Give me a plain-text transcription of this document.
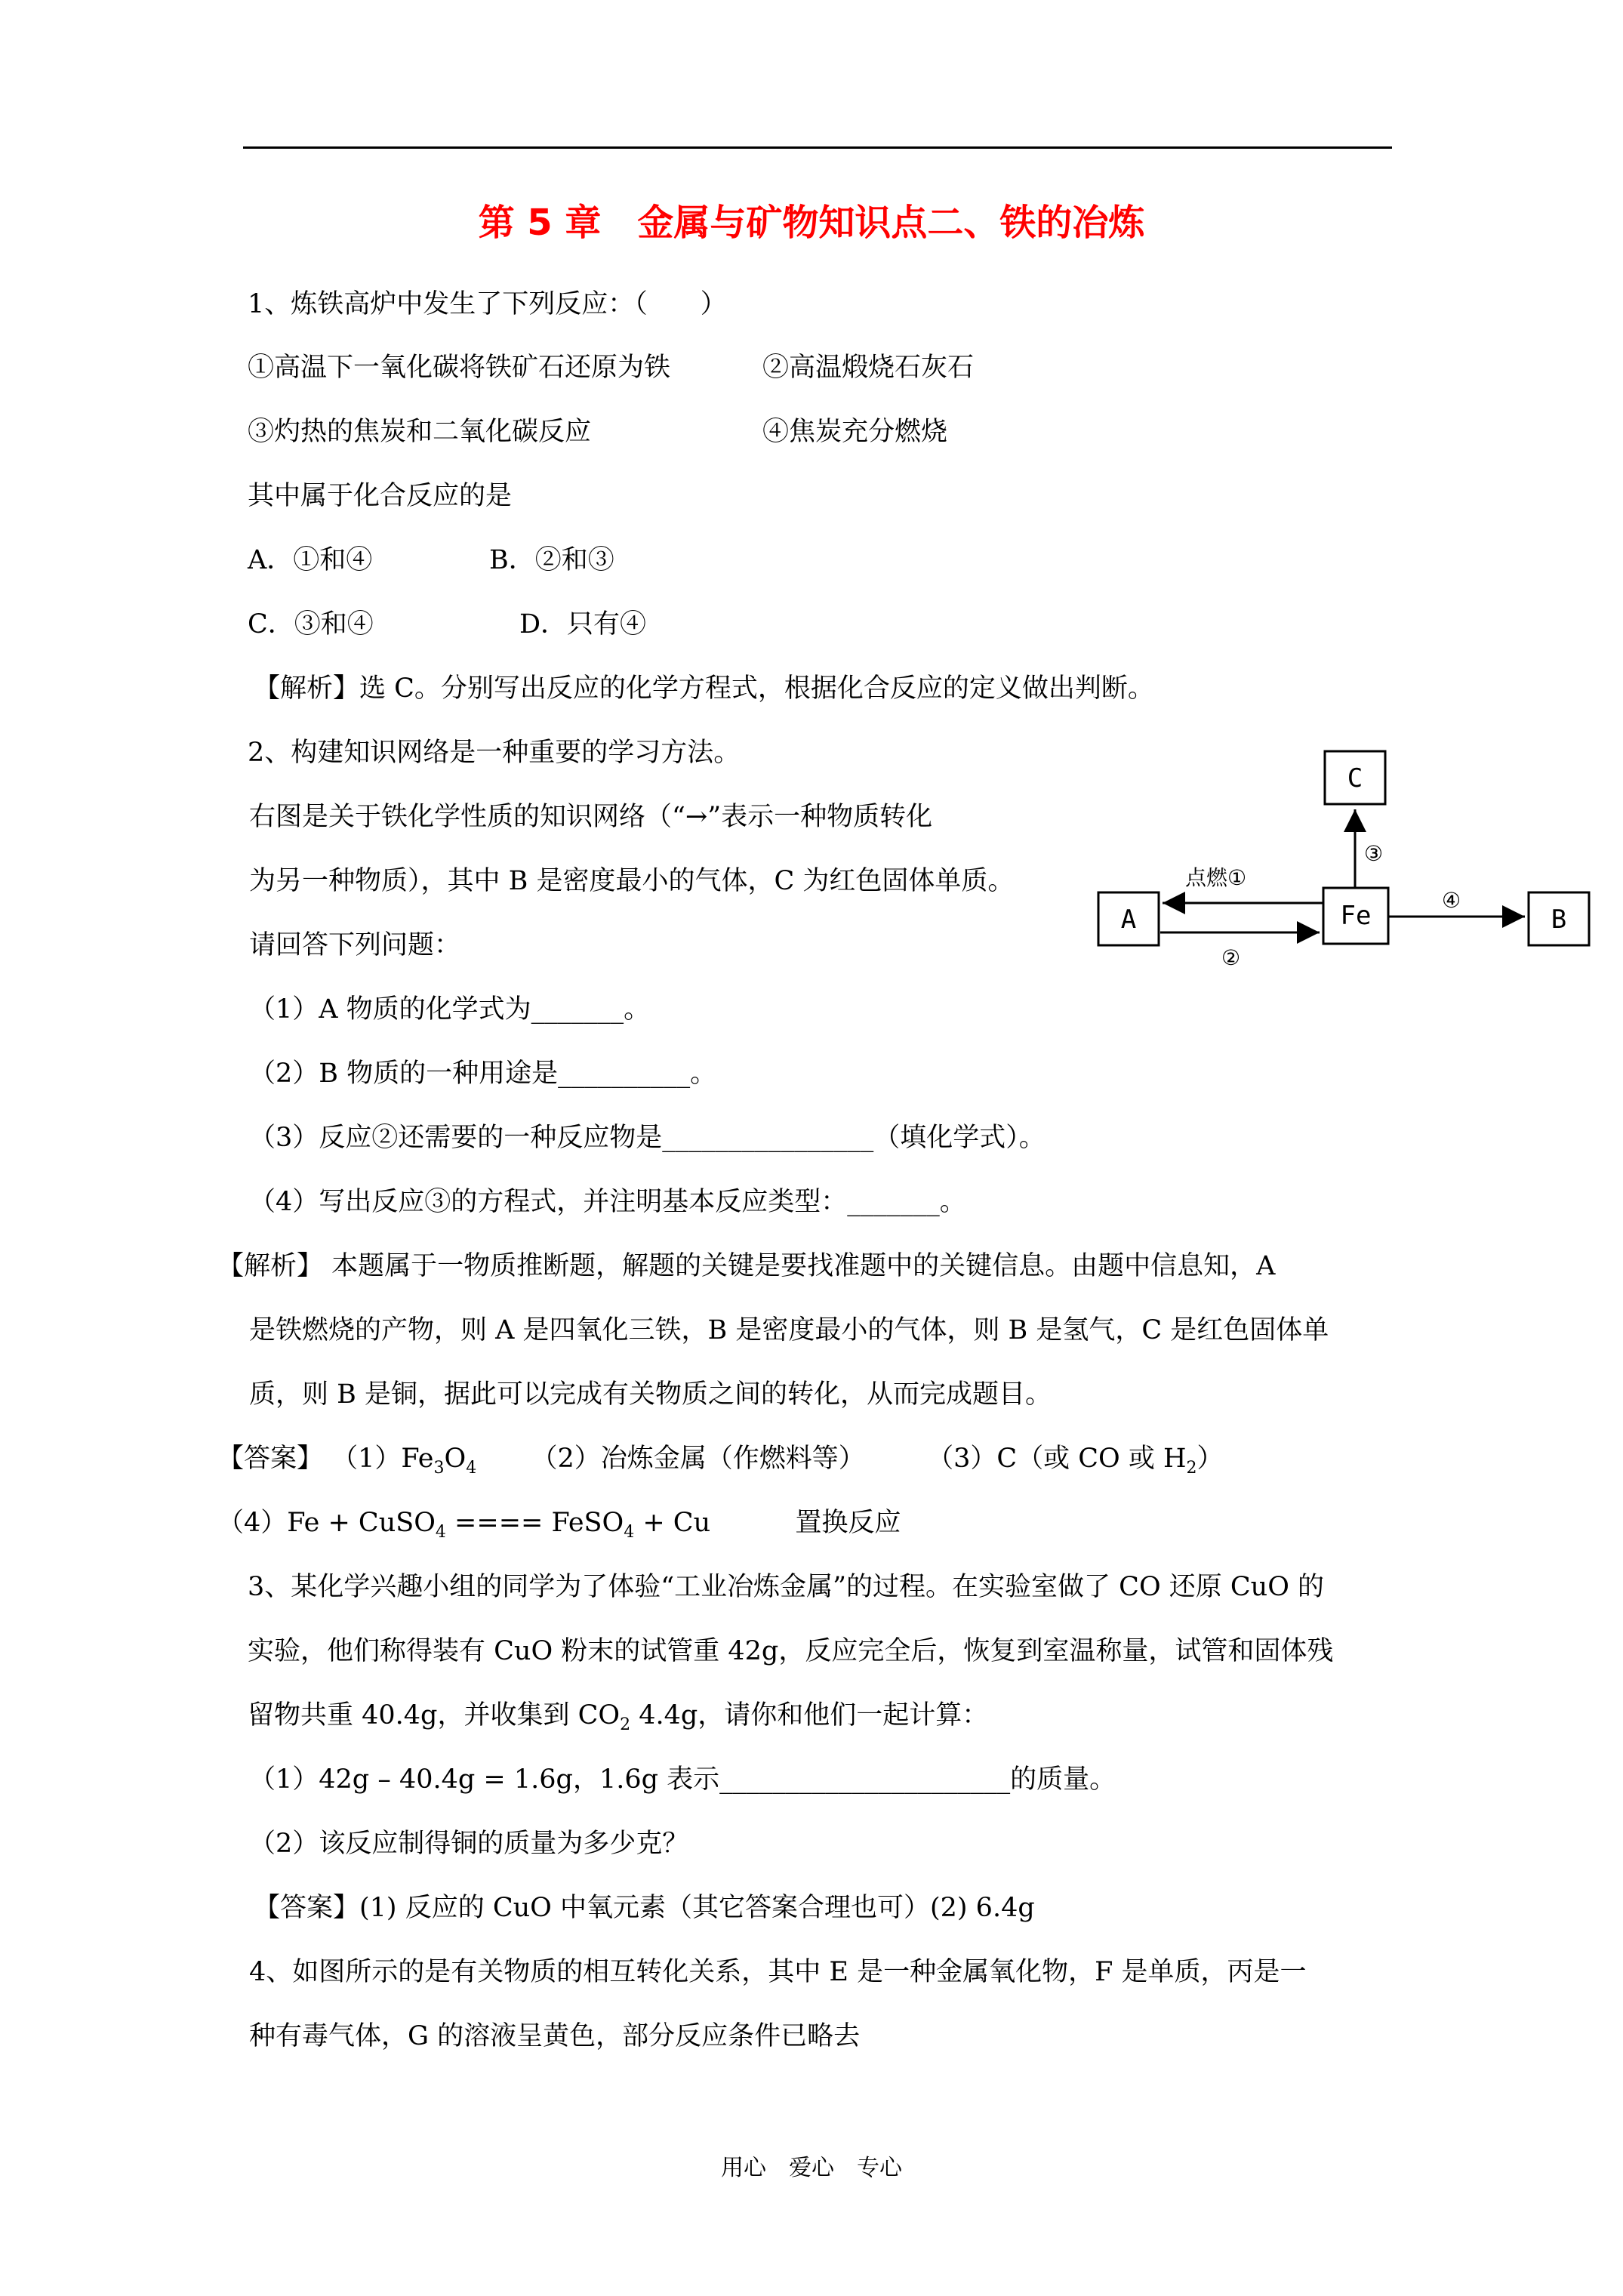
第 5 章　金属与矿物知识点二、铁的冶炼
1、炼铁高炉中发生了下列反应：（　　）
①高温下一氧化碳将铁矿石还原为铁	②高温煅烧石灰石
③灼热的焦炭和二氧化碳反应	④焦炭充分燃烧
其中属于化合反应的是
A．①和④	B．②和③
C．③和④	D．只有④
【解析】选 C。分别写出反应的化学方程式，根据化合反应的定义做出判断。
2、构建知识网络是一种重要的学习方法。
右图是关于铁化学性质的知识网络（“→”表示一种物质转化
为另一种物质），其中 B 是密度最小的气体，C 为红色固体单质。
请回答下列问题：
（1）A 物质的化学式为_______。
（2）B 物质的一种用途是__________。
（3）反应②还需要的一种反应物是________________（填化学式）。
（4）写出反应③的方程式，并注明基本反应类型：_______。
【解析】 本题属于一物质推断题，解题的关键是要找准题中的关键信息。由题中信息知，A
是铁燃烧的产物，则 A 是四氧化三铁，B 是密度最小的气体，则 B 是氢气，C 是红色固体单
质，则 B 是铜，据此可以完成有关物质之间的转化，从而完成题目。
【答案】 $(1)Fe_3O_4$ （2）冶炼金属（作燃料等） （3）C（或 CO 或 $H_2$）
（4）Fe + CuSO$_4$ ==== FeSO$_4$ + Cu	置换反应
C
A	Fe	B
点燃①
②
③
④
3、某化学兴趣小组的同学为了体验“工业冶炼金属”的过程。在实验室做了 CO 还原 CuO 的
实验，他们称得装有 CuO 粉末的试管重 42g，反应完全后，恢复到室温称量，试管和固体残
留物共重 40.4g，并收集到 $CO_2$ 4.4g，请你和他们一起计算：
（1）42g – 40.4g = 1.6g，1.6g 表示______________________的质量。
（2）该反应制得铜的质量为多少克？
【答案】(1) 反应的 CuO 中氧元素（其它答案合理也可）(2) 6.4g
4、如图所示的是有关物质的相互转化关系，其中 E 是一种金属氧化物，F 是单质，丙是一
种有毒气体，G 的溶液呈黄色，部分反应条件已略去
用心　爱心　专心
